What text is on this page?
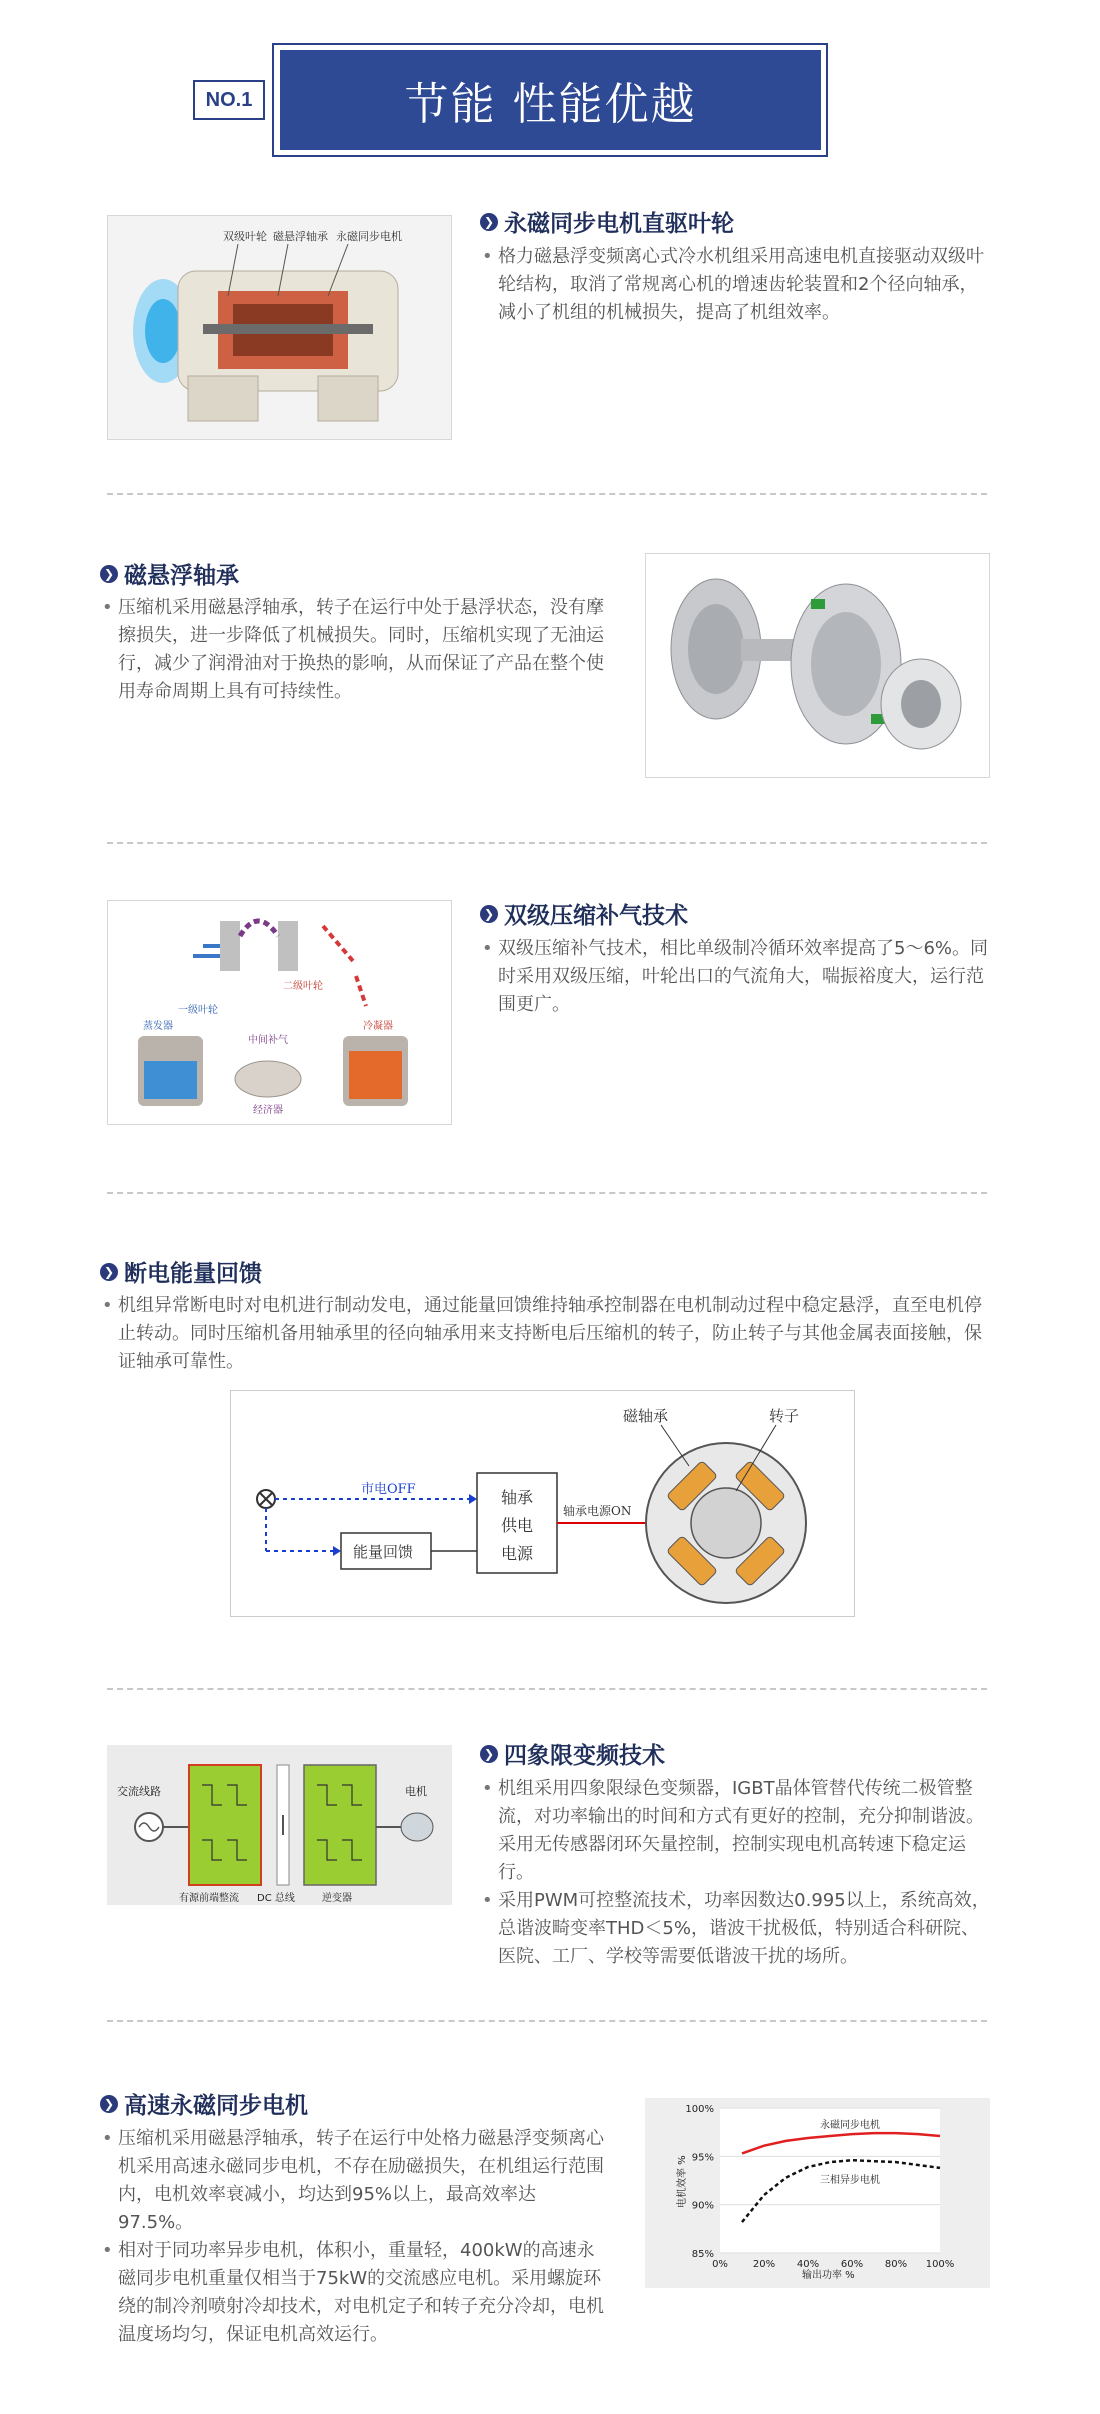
NO.1	节能 性能优越
双级叶轮 磁悬浮轴承 永磁同步电机
❯ 永磁同步电机直驱叶轮
• 格力磁悬浮变频离心式冷水机组采用高速电机直接驱动双级叶轮结构，取消了常规离心机的增速齿轮装置和2个径向轴承，减小了机组的机械损失，提高了机组效率。
❯ 磁悬浮轴承
• 压缩机采用磁悬浮轴承，转子在运行中处于悬浮状态，没有摩擦损失，进一步降低了机械损失。同时，压缩机实现了无油运行，减少了润滑油对于换热的影响，从而保证了产品在整个使用寿命周期上具有可持续性。
一级叶轮
二级叶轮
蒸发器	冷凝器
中间补气
经济器
❯ 双级压缩补气技术
• 双级压缩补气技术，相比单级制冷循环效率提高了5～6%。同时采用双级压缩，叶轮出口的气流角大，喘振裕度大，运行范围更广。
❯ 断电能量回馈
• 机组异常断电时对电机进行制动发电，通过能量回馈维持轴承控制器在电机制动过程中稳定悬浮，直至电机停止转动。同时压缩机备用轴承里的径向轴承用来支持断电后压缩机的转子，防止转子与其他金属表面接触，保证轴承可靠性。
市电OFF
能量回馈
轴承
供电
电源
轴承电源ON
磁轴承	转子
交流线路	电机
有源前端整流 DC 总线	逆变器
❯ 四象限变频技术
• 机组采用四象限绿色变频器，IGBT晶体管替代传统二极管整流，对功率输出的时间和方式有更好的控制，充分抑制谐波。采用无传感器闭环矢量控制，控制实现电机高转速下稳定运行。
• 采用PWM可控整流技术，功率因数达0.995以上，系统高效，总谐波畸变率THD＜5%，谐波干扰极低，特别适合科研院、医院、工厂、学校等需要低谐波干扰的场所。
❯ 高速永磁同步电机
• 压缩机采用磁悬浮轴承，转子在运行中处格力磁悬浮变频离心机采用高速永磁同步电机，不存在励磁损失，在机组运行范围内，电机效率衰减小，均达到95%以上，最高效率达97.5%。
• 相对于同功率异步电机，体积小，重量轻，400kW的高速永磁同步电机重量仅相当于75kW的交流感应电机。采用螺旋环绕的制冷剂喷射冷却技术，对电机定子和转子充分冷却，电机温度场均匀，保证电机高效运行。
85%
90%
95%
100%
0% 20% 40% 60% 80% 100%
电机效率 %
输出功率 %
永磁同步电机
三相异步电机
